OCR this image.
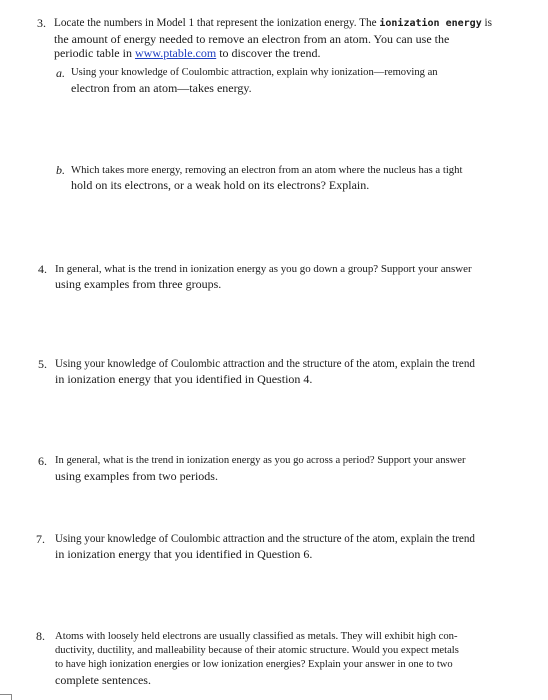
3. Locate the numbers in Model 1 that represent the ionization energy. The ionization energy is
the amount of energy needed to remove an electron from an atom. You can use the
periodic table in www.ptable.com to discover the trend.
a. Using your knowledge of Coulombic attraction, explain why ionization—removing an
electron from an atom—takes energy.
b. Which takes more energy, removing an electron from an atom where the nucleus has a tight
hold on its electrons, or a weak hold on its electrons? Explain.
4. In general, what is the trend in ionization energy as you go down a group? Support your answer
using examples from three groups.
5. Using your knowledge of Coulombic attraction and the structure of the atom, explain the trend
in ionization energy that you identified in Question 4.
6. In general, what is the trend in ionization energy as you go across a period? Support your answer
using examples from two periods.
7. Using your knowledge of Coulombic attraction and the structure of the atom, explain the trend
in ionization energy that you identified in Question 6.
8. Atoms with loosely held electrons are usually classified as metals. They will exhibit high con-
ductivity, ductility, and malleability because of their atomic structure. Would you expect metals
to have high ionization energies or low ionization energies? Explain your answer in one to two
complete sentences.
